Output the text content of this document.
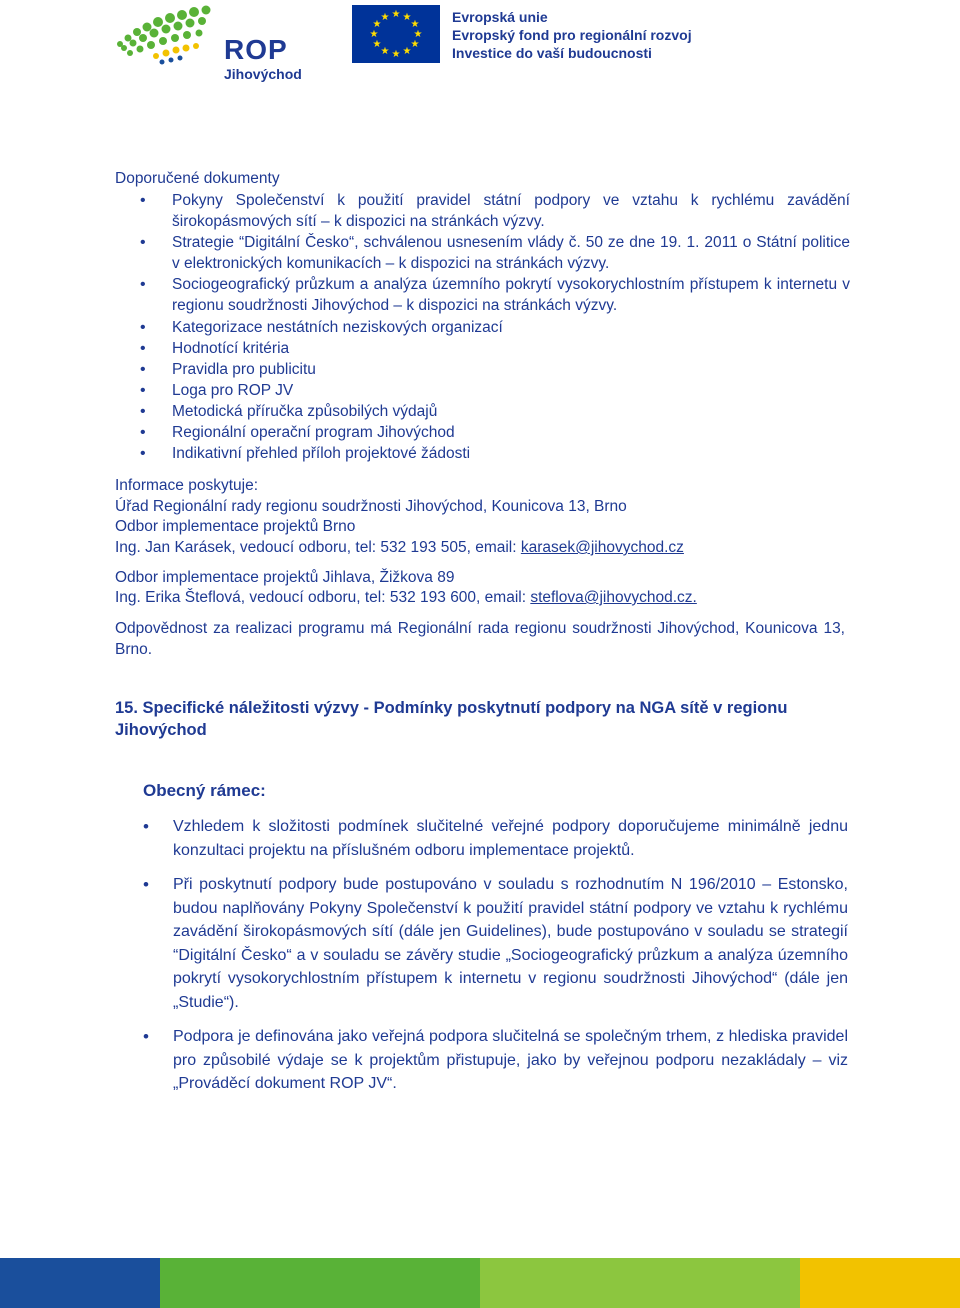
ROP
Jihovýchod
★ ★
★
★
★
★
★
★
★
★
★
★	Evropská unie
Evropský fond pro regionální rozvoj
Investice do vaší budoucnosti
Doporučené dokumenty
• Pokyny Společenství k použití pravidel státní podpory ve vztahu k rychlému zavádění širokopásmových sítí – k dispozici na stránkách výzvy.
• Strategie “Digitální Česko“, schválenou usnesením vlády č. 50 ze dne 19. 1. 2011 o Státní politice v elektronických komunikacích – k dispozici na stránkách výzvy.
• Sociogeografický průzkum a analýza územního pokrytí vysokorychlostním přístupem k internetu v regionu soudržnosti Jihovýchod – k dispozici na stránkách výzvy.
• Kategorizace nestátních neziskových organizací
• Hodnotící kritéria
• Pravidla pro publicitu
• Loga pro ROP JV
• Metodická příručka způsobilých výdajů
• Regionální operační program Jihovýchod
• Indikativní přehled příloh projektové žádosti
Informace poskytuje:
Úřad Regionální rady regionu soudržnosti Jihovýchod, Kounicova 13, Brno
Odbor implementace projektů Brno
Ing. Jan Karásek, vedoucí odboru, tel: 532 193 505, email: karasek@jihovychod.cz
Odbor implementace projektů Jihlava, Žižkova 89
Ing. Erika Šteflová, vedoucí odboru, tel: 532 193 600, email: steflova@jihovychod.cz.
Odpovědnost za realizaci programu má Regionální rada regionu soudržnosti Jihovýchod, Kounicova 13, Brno.
15. Specifické náležitosti výzvy - Podmínky poskytnutí podpory na NGA sítě v regionu Jihovýchod
Obecný rámec:
• Vzhledem k složitosti podmínek slučitelné veřejné podpory doporučujeme minimálně jednu konzultaci projektu na příslušném odboru implementace projektů.
• Při poskytnutí podpory bude postupováno v souladu s rozhodnutím N 196/2010 – Estonsko, budou naplňovány Pokyny Společenství k použití pravidel státní podpory ve vztahu k rychlému zavádění širokopásmových sítí (dále jen Guidelines), bude postupováno v souladu se strategií “Digitální Česko“ a v souladu se závěry studie „Sociogeografický průzkum a analýza územního pokrytí vysokorychlostním přístupem k internetu v regionu soudržnosti Jihovýchod“ (dále jen „Studie“).
• Podpora je definována jako veřejná podpora slučitelná se společným trhem, z hlediska pravidel pro způsobilé výdaje se k projektům přistupuje, jako by veřejnou podporu nezakládaly – viz „Prováděcí dokument ROP JV“.
